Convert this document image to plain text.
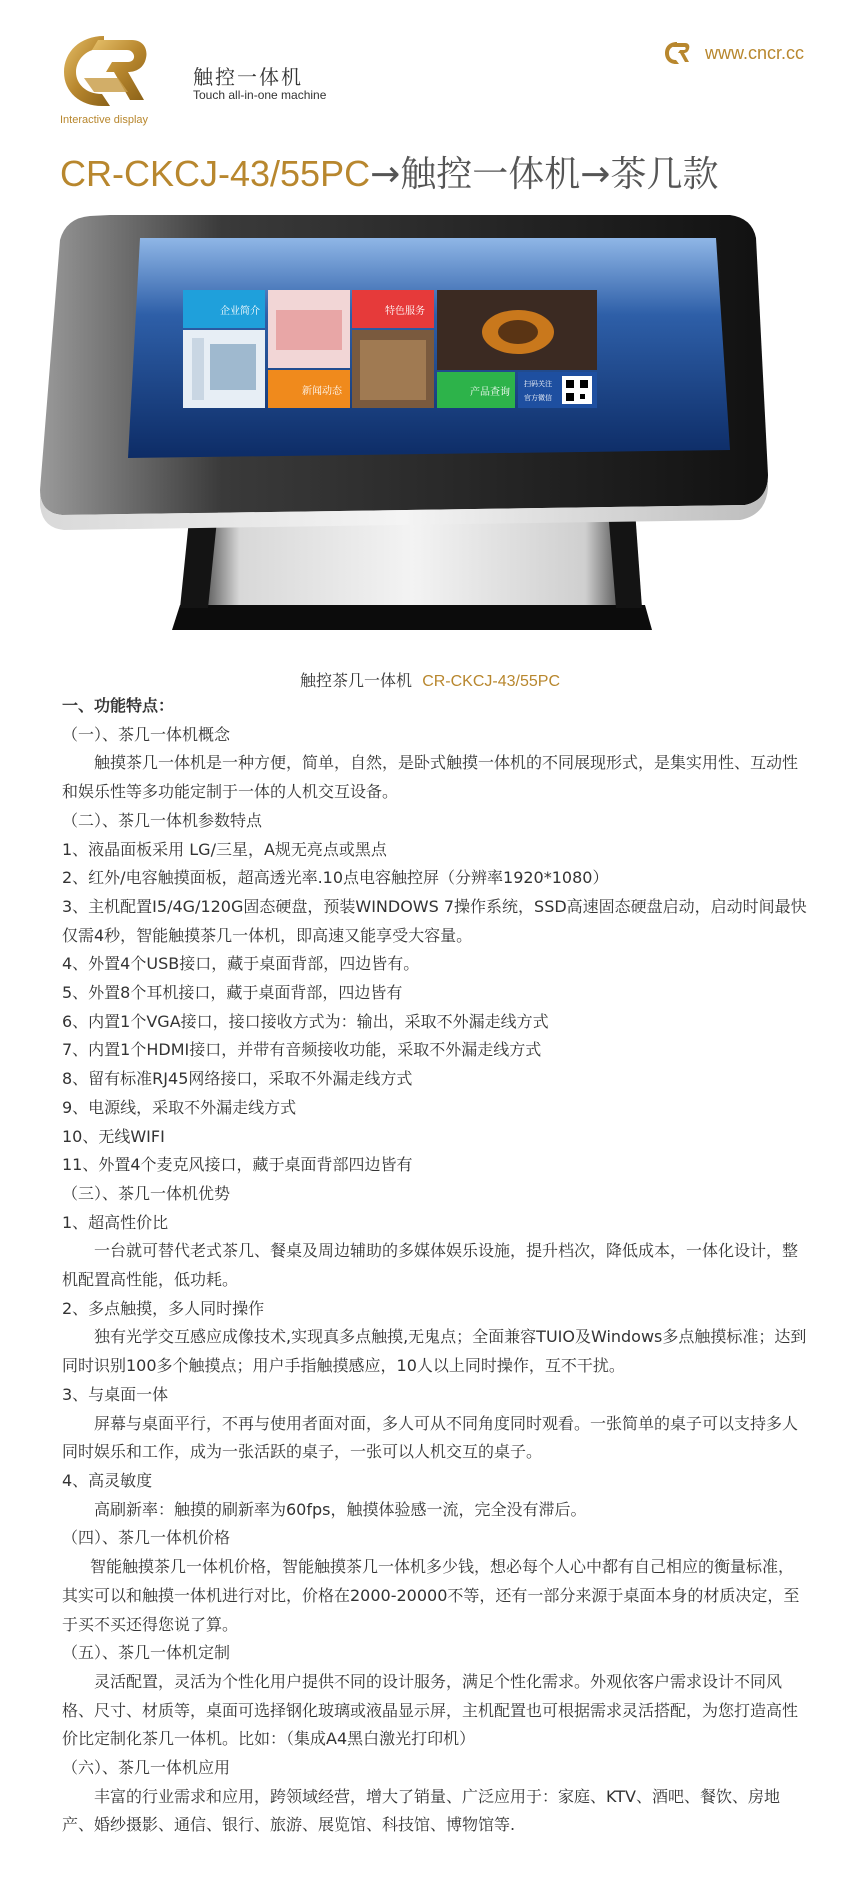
Interactive display
触控一体机
Touch all-in-one machine
www.cncr.cc
CR-CKCJ-43/55PC→触控一体机→茶几款
企业简介	特色服务
新闻动态	产品查询
扫码关注
官方微信
触控茶几一体机 CR-CKCJ-43/55PC

一、功能特点：

（一）、茶几一体机概念

触摸茶几一体机是一种方便，简单，自然，是卧式触摸一体机的不同展现形式，是集实用性、互动性和娱乐性等多功能定制于一体的人机交互设备。

（二）、茶几一体机参数特点

1、液晶面板采用 LG/三星，A规无亮点或黑点

2、红外/电容触摸面板，超高透光率.10点电容触控屏（分辨率1920*1080）

3、主机配置I5/4G/120G固态硬盘，预装WINDOWS 7操作系统，SSD高速固态硬盘启动，启动时间最快仅需4秒，智能触摸茶几一体机，即高速又能享受大容量。

4、外置4个USB接口，藏于桌面背部，四边皆有。

5、外置8个耳机接口，藏于桌面背部，四边皆有

6、内置1个VGA接口，接口接收方式为：输出，采取不外漏走线方式

7、内置1个HDMI接口，并带有音频接收功能，采取不外漏走线方式

8、留有标准RJ45网络接口，采取不外漏走线方式

9、电源线，采取不外漏走线方式

10、无线WIFI

11、外置4个麦克风接口，藏于桌面背部四边皆有

（三）、茶几一体机优势

1、超高性价比

一台就可替代老式茶几、餐桌及周边辅助的多媒体娱乐设施，提升档次，降低成本，一体化设计，整机配置高性能，低功耗。

2、多点触摸，多人同时操作

独有光学交互感应成像技术,实现真多点触摸,无鬼点；全面兼容TUIO及Windows多点触摸标准；达到同时识别100多个触摸点；用户手指触摸感应，10人以上同时操作，互不干扰。

3、与桌面一体

屏幕与桌面平行，不再与使用者面对面，多人可从不同角度同时观看。一张简单的桌子可以支持多人同时娱乐和工作，成为一张活跃的桌子，一张可以人机交互的桌子。

4、高灵敏度

高刷新率：触摸的刷新率为60fps，触摸体验感一流，完全没有滞后。

（四）、茶几一体机价格

智能触摸茶几一体机价格，智能触摸茶几一体机多少钱，想必每个人心中都有自己相应的衡量标准，其实可以和触摸一体机进行对比，价格在2000-20000不等，还有一部分来源于桌面本身的材质决定，至于买不买还得您说了算。

（五）、茶几一体机定制

灵活配置，灵活为个性化用户提供不同的设计服务，满足个性化需求。外观依客户需求设计不同风格、尺寸、材质等，桌面可选择钢化玻璃或液晶显示屏，主机配置也可根据需求灵活搭配，为您打造高性价比定制化茶几一体机。比如：（集成A4黑白激光打印机）

（六）、茶几一体机应用

丰富的行业需求和应用，跨领域经营，增大了销量、广泛应用于：家庭、KTV、酒吧、餐饮、房地产、婚纱摄影、通信、银行、旅游、展览馆、科技馆、博物馆等.
